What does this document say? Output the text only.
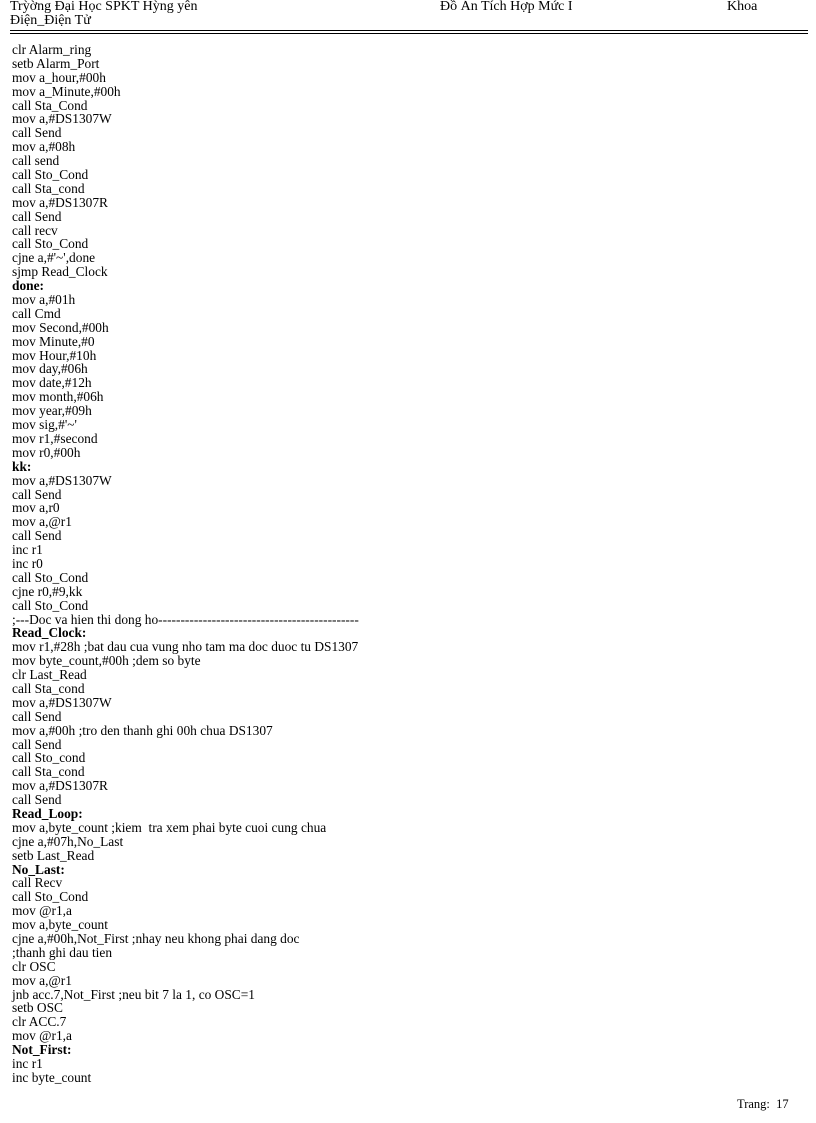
Trỳờng Đại Học SPKT Hỳng yên
Điện_Điện Tử
Đồ Án Tích Hợp Mức I	Khoa
clr Alarm_ring
setb Alarm_Port
mov a_hour,#00h
mov a_Minute,#00h
call Sta_Cond
mov a,#DS1307W
call Send
mov a,#08h
call send
call Sto_Cond
call Sta_cond
mov a,#DS1307R
call Send
call recv
call Sto_Cond
cjne a,#'~',done
sjmp Read_Clock
done:
mov a,#01h
call Cmd
mov Second,#00h
mov Minute,#0
mov Hour,#10h
mov day,#06h
mov date,#12h
mov month,#06h
mov year,#09h
mov sig,#'~'
mov r1,#second
mov r0,#00h
kk:
mov a,#DS1307W
call Send
mov a,r0
mov a,@r1
call Send
inc r1
inc r0
call Sto_Cond
cjne r0,#9,kk
call Sto_Cond
;---Doc va hien thi dong ho---------------------------------------------
Read_Clock:
mov r1,#28h ;bat dau cua vung nho tam ma doc duoc tu DS1307
mov byte_count,#00h ;dem so byte
clr Last_Read
call Sta_cond
mov a,#DS1307W
call Send
mov a,#00h ;tro den thanh ghi 00h chua DS1307
call Send
call Sto_cond
call Sta_cond
mov a,#DS1307R
call Send
Read_Loop:
mov a,byte_count ;kiem  tra xem phai byte cuoi cung chua
cjne a,#07h,No_Last
setb Last_Read
No_Last:
call Recv
call Sto_Cond
mov @r1,a
mov a,byte_count
cjne a,#00h,Not_First ;nhay neu khong phai dang doc
;thanh ghi dau tien
clr OSC
mov a,@r1
jnb acc.7,Not_First ;neu bit 7 la 1, co OSC=1
setb OSC
clr ACC.7
mov @r1,a
Not_First:
inc r1
inc byte_count
Trang:  17
